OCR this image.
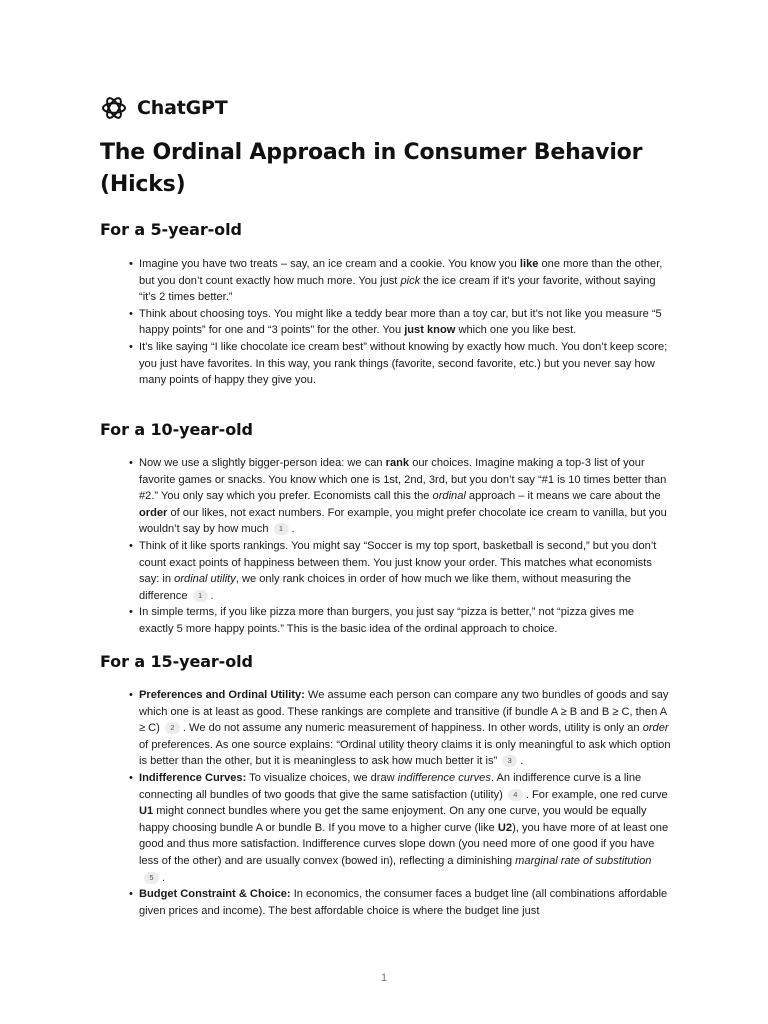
ChatGPT
The Ordinal Approach in Consumer Behavior (Hicks)
For a 5-year-old
• Imagine you have two treats – say, an ice cream and a cookie. You know you like one more than the other, but you don’t count exactly how much more. You just pick the ice cream if it’s your favorite, without saying “it’s 2 times better.”
• Think about choosing toys. You might like a teddy bear more than a toy car, but it’s not like you measure “5 happy points” for one and “3 points” for the other. You just know which one you like best.
• It’s like saying “I like chocolate ice cream best” without knowing by exactly how much. You don’t keep score; you just have favorites. In this way, you rank things (favorite, second favorite, etc.) but you never say how many points of happy they give you.
For a 10-year-old
• Now we use a slightly bigger-person idea: we can rank our choices. Imagine making a top-3 list of your favorite games or snacks. You know which one is 1st, 2nd, 3rd, but you don’t say “#1 is 10 times better than #2.” You only say which you prefer. Economists call this the ordinal approach – it means we care about the order of our likes, not exact numbers. For example, you might prefer chocolate ice cream to vanilla, but you wouldn’t say by how much 1 .
• Think of it like sports rankings. You might say “Soccer is my top sport, basketball is second,” but you don’t count exact points of happiness between them. You just know your order. This matches what economists say: in ordinal utility, we only rank choices in order of how much we like them, without measuring the difference 1 .
• In simple terms, if you like pizza more than burgers, you just say “pizza is better,” not “pizza gives me exactly 5 more happy points.” This is the basic idea of the ordinal approach to choice.
For a 15-year-old
• Preferences and Ordinal Utility: We assume each person can compare any two bundles of goods and say which one is at least as good. These rankings are complete and transitive (if bundle A ≥ B and B ≥ C, then A ≥ C) 2 . We do not assume any numeric measurement of happiness. In other words, utility is only an order of preferences. As one source explains: “Ordinal utility theory claims it is only meaningful to ask which option is better than the other, but it is meaningless to ask how much better it is” 3 .
• Indifference Curves: To visualize choices, we draw indifference curves. An indifference curve is a line connecting all bundles of two goods that give the same satisfaction (utility) 4 . For example, one red curve U1 might connect bundles where you get the same enjoyment. On any one curve, you would be equally happy choosing bundle A or bundle B. If you move to a higher curve (like U2), you have more of at least one good and thus more satisfaction. Indifference curves slope down (you need more of one good if you have less of the other) and are usually convex (bowed in), reflecting a diminishing marginal rate of substitution5 .
• Budget Constraint & Choice: In economics, the consumer faces a budget line (all combinations affordable given prices and income). The best affordable choice is where the budget line just
1
